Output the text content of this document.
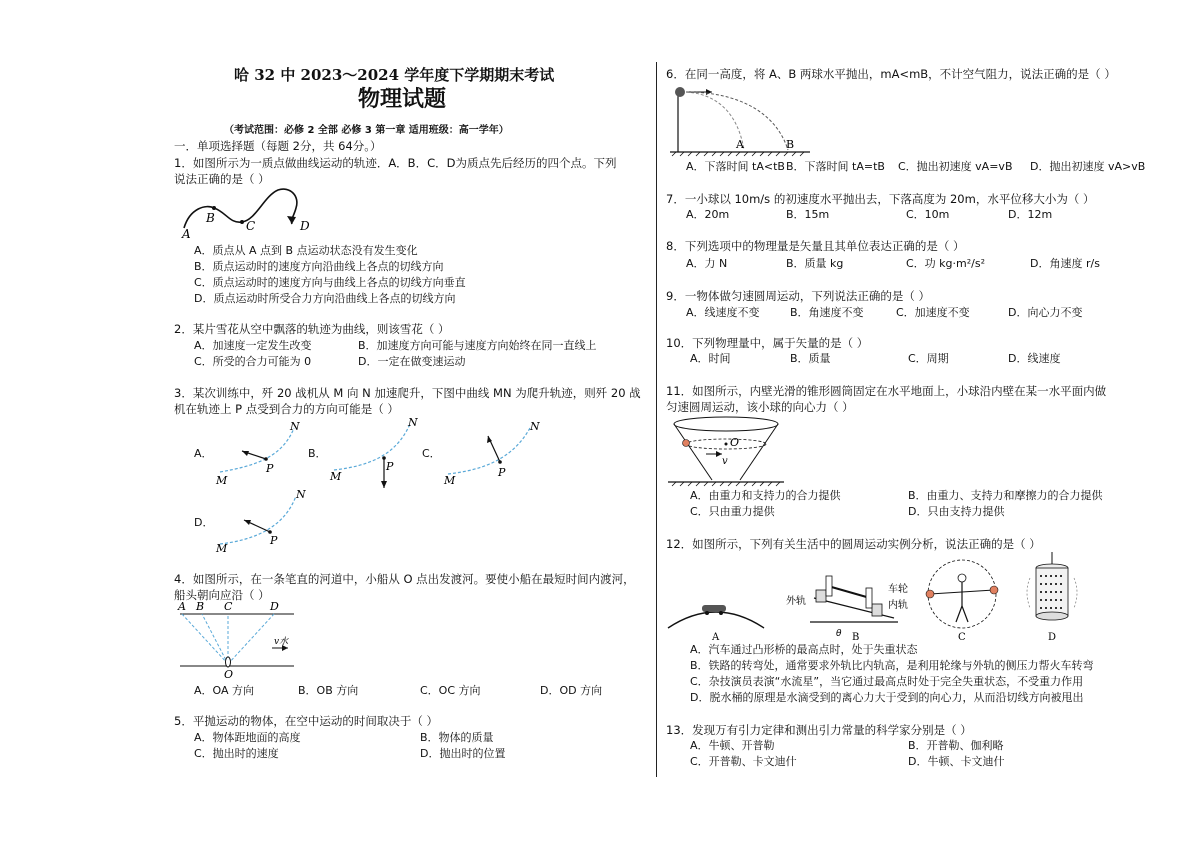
哈 32 中 2023～2024 学年度下学期期末考试
物理试题
（考试范围：必修 2 全部 必修 3 第一章 适用班级：高一学年）
一．单项选择题（每题 2分，共 64分。）
1．如图所示为一质点做曲线运动的轨迹．A．B．C．D为质点先后经历的四个点。下列
说法正确的是（ ）
A
B
C	D
A．质点从 A 点到 B 点运动状态没有发生变化
B．质点运动时的速度方向沿曲线上各点的切线方向
C．质点运动时的速度方向与曲线上各点的切线方向垂直
D．质点运动时所受合力方向沿曲线上各点的切线方向
2．某片雪花从空中飘落的轨迹为曲线，则该雪花（ ）
A．加速度一定发生改变	B．加速度方向可能与速度方向始终在同一直线上
C．所受的合力可能为 0	D．一定在做变速运动
3．某次训练中，歼 20 战机从 M 向 N 加速爬升，下图中曲线 MN 为爬升轨迹，则歼 20 战
机在轨迹上 P 点受到合力的方向可能是（ ）
A．
M
P
N
B．
M
P
N
C．
M
P
N
D．
M
P
N
4．如图所示，在一条笔直的河道中，小船从 O 点出发渡河。要使小船在最短时间内渡河，
船头朝向应沿（ ）
A B C	D
O
v水
A．OA 方向	B．OB 方向	C．OC 方向	D．OD 方向
5．平抛运动的物体，在空中运动的时间取决于（ ）
A．物体距地面的高度	B．物体的质量
C．抛出时的速度	D．抛出时的位置
6．在同一高度，将 A、B 两球水平抛出，mA<mB，不计空气阻力，说法正确的是（ ）
A	B
A．下落时间 tA<tB B．下落时间 tA=tB C．抛出初速度 vA=vB D．抛出初速度 vA>vB
7．一小球以 10m/s 的初速度水平抛出去，下落高度为 20m，水平位移大小为（ ）
A．20m	B．15m	C．10m	D．12m
8．下列选项中的物理量是矢量且其单位表达正确的是（ ）
A．力 N	B．质量 kg	C．功 kg·m²/s²	D．角速度 r/s
9．一物体做匀速圆周运动，下列说法正确的是（ ）
A．线速度不变	B．角速度不变	C．加速度不变	D．向心力不变
10．下列物理量中，属于矢量的是（ ）
A．时间	B．质量	C．周期	D．线速度
11．如图所示，内壁光滑的锥形圆筒固定在水平地面上，小球沿内壁在某一水平面内做
匀速圆周运动，该小球的向心力（ ）
O
v
A．由重力和支持力的合力提供	B．由重力、支持力和摩擦力的合力提供
C．只由重力提供	D．只由支持力提供
12．如图所示，下列有关生活中的圆周运动实例分析，说法正确的是（ ）
A
外轨
车轮
内轨
θ B	C	D
A．汽车通过凸形桥的最高点时，处于失重状态
B．铁路的转弯处，通常要求外轨比内轨高，是利用轮缘与外轨的侧压力帮火车转弯
C．杂技演员表演“水流星”，当它通过最高点时处于完全失重状态，不受重力作用
D．脱水桶的原理是水滴受到的离心力大于受到的向心力，从而沿切线方向被甩出
13．发现万有引力定律和测出引力常量的科学家分别是（ ）
A．牛顿、开普勒	B．开普勒、伽利略
C．开普勒、卡文迪什	D．牛顿、卡文迪什
